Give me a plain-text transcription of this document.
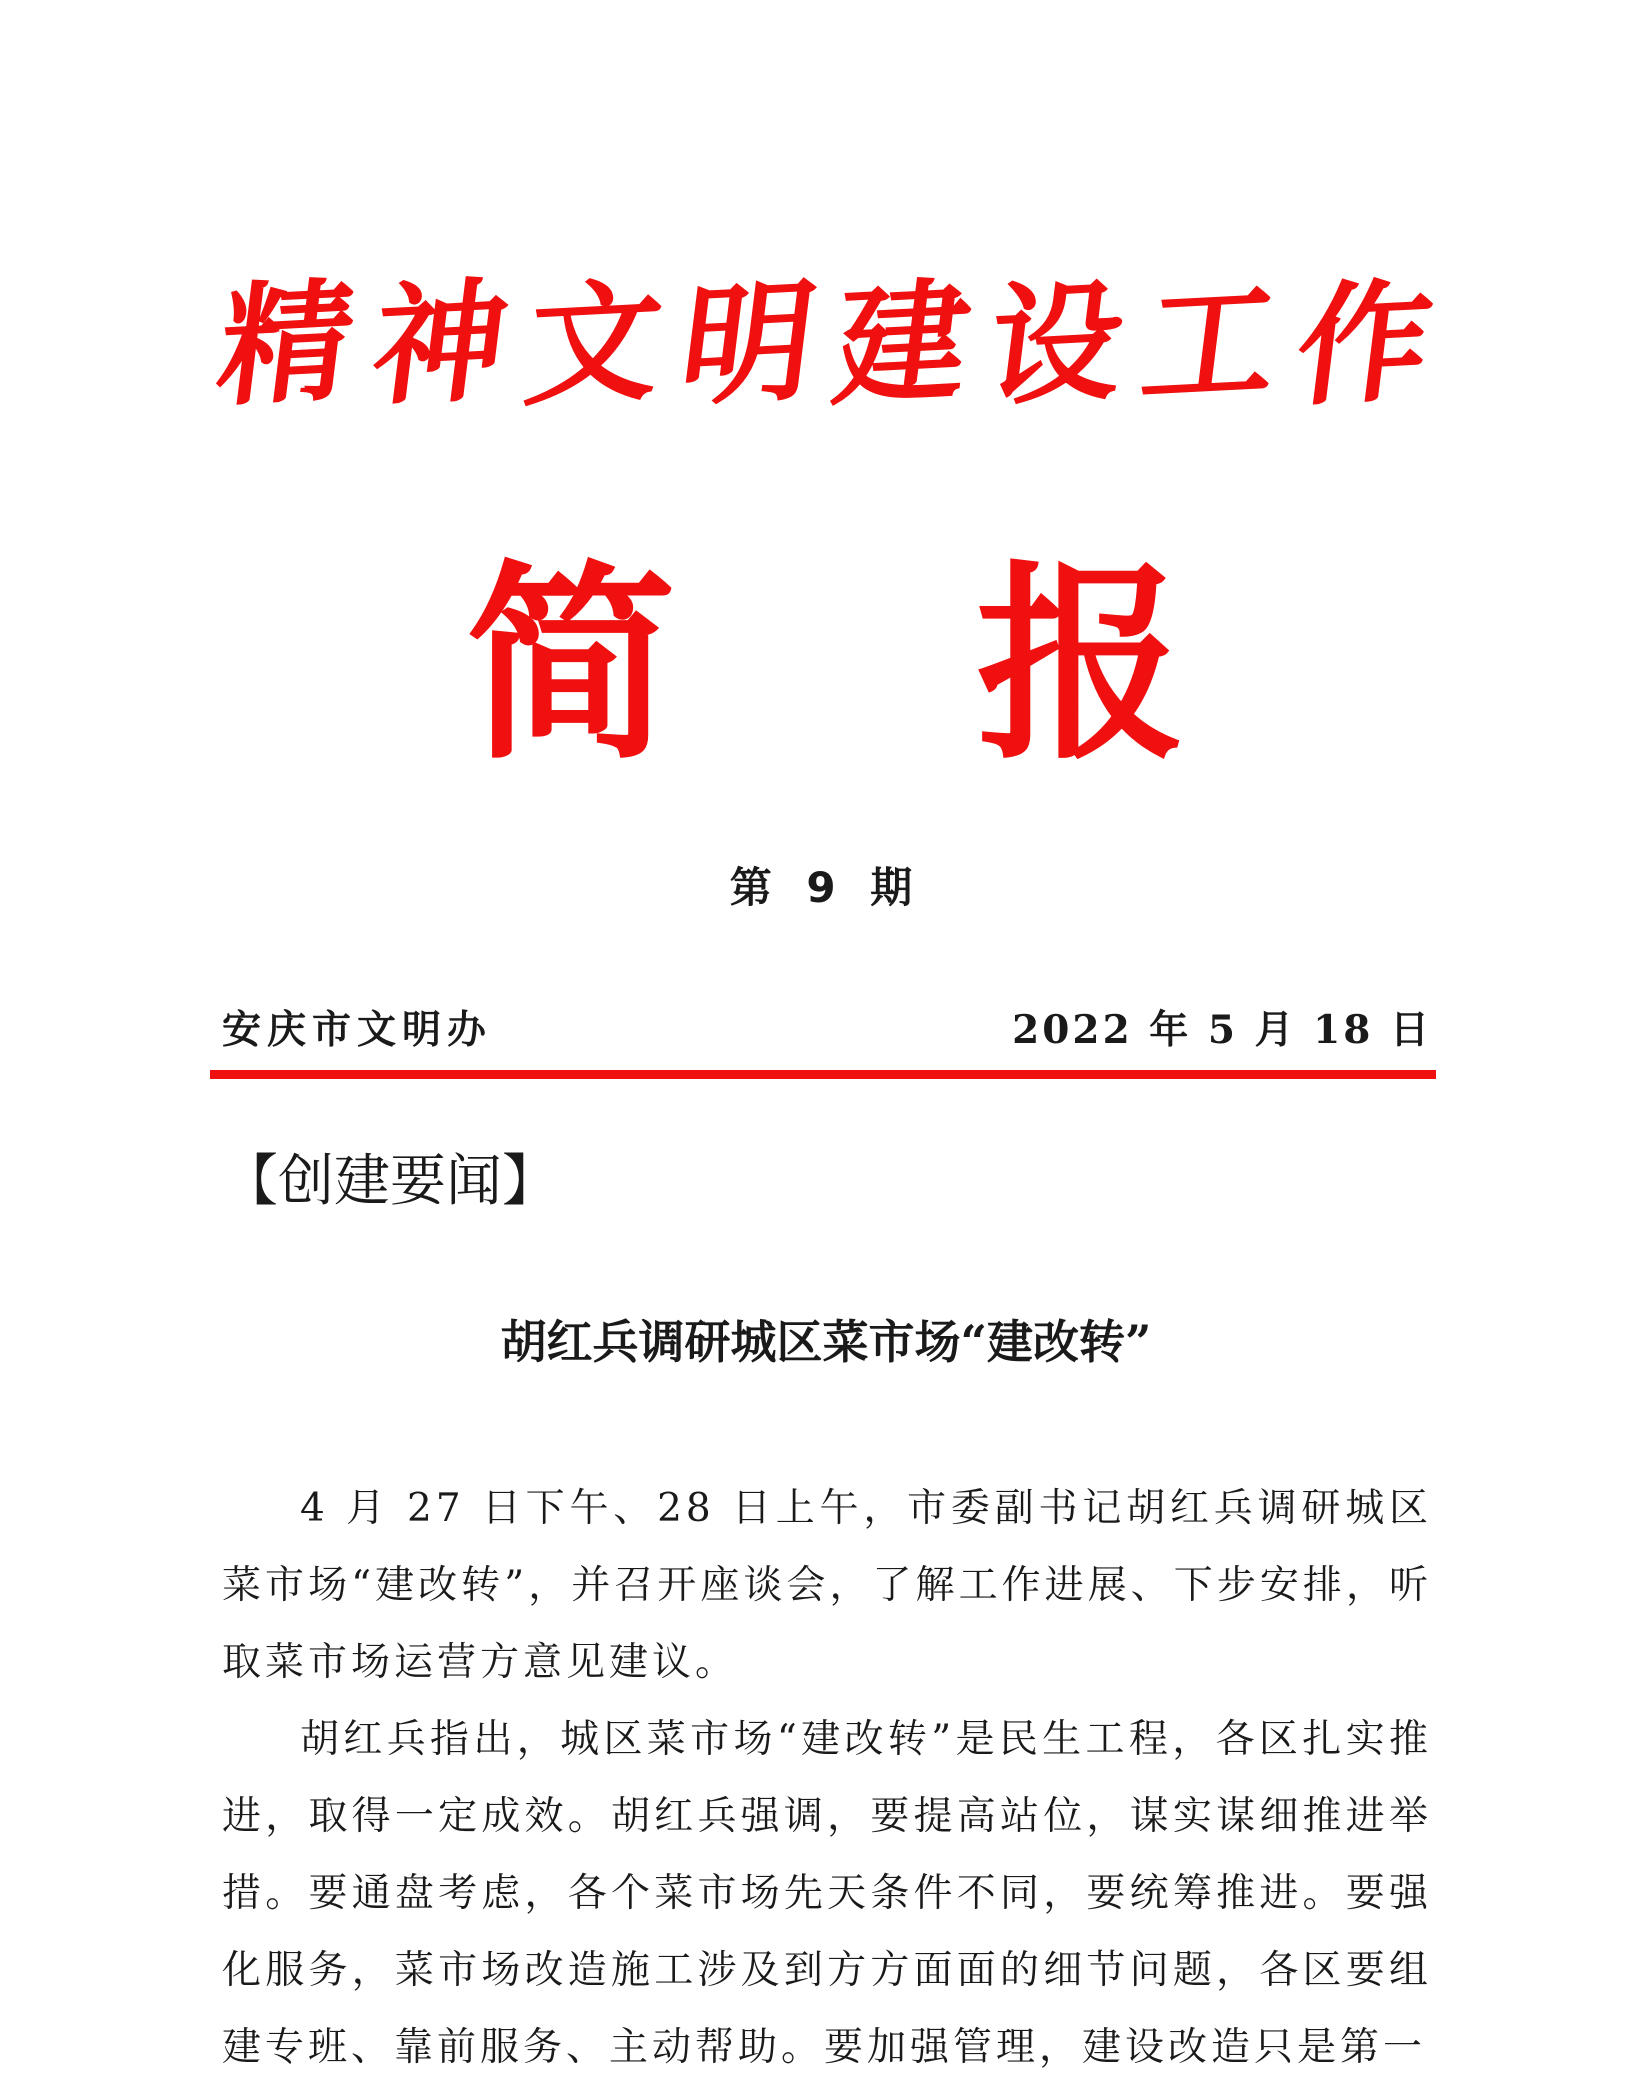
精 神 文 明 建 设 工 作
简 报
第 9 期
安庆市文明办	2022 年 5 月 18 日
【创建要闻】
胡红兵调研城区菜市场“建改转”

4 月 27 日下午、28 日上午，市委副书记胡红兵调研城区菜市场“建改转”，并召开座谈会，了解工作进展、下步安排，听取菜市场运营方意见建议。

胡红兵指出，城区菜市场“建改转”是民生工程，各区扎实推进，取得一定成效。胡红兵强调，要提高站位，谋实谋细推进举措。要通盘考虑，各个菜市场先天条件不同，要统筹推进。要强化服务，菜市场改造施工涉及到方方面面的细节问题，各区要组建专班、靠前服务、主动帮助。要加强管理，建设改造只是第一
